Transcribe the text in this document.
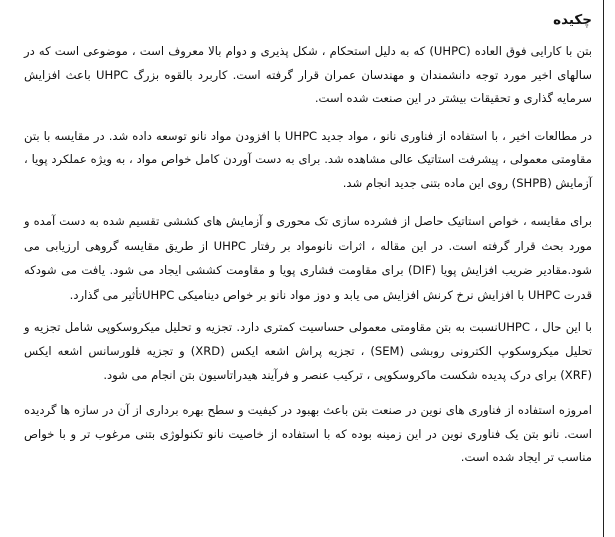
چکیده

بتن با کارایی فوق العاده (UHPC) که به دلیل استحکام ، شکل پذیری و دوام بالا معروف است ، موضوعی است که در سالهای اخیر مورد توجه دانشمندان و مهندسان عمران قرار گرفته است. کاربرد بالقوه بزرگ UHPC باعث افزایش سرمایه گذاری و تحقیقات بیشتر در این صنعت شده است.

در مطالعات اخیر ، با استفاده از فناوری نانو ، مواد جدید UHPC با افزودن مواد نانو توسعه داده شد. در مقایسه با بتن مقاومتی معمولی ، پیشرفت استاتیک عالی مشاهده شد. برای به دست آوردن کامل خواص مواد ، به ویژه عملکرد پویا ، آزمایش (SHPB) روی این ماده بتنی جدید انجام شد.

برای مقایسه ، خواص استاتیک حاصل از فشرده سازی تک محوری و آزمایش های کششی تقسیم شده به دست آمده و مورد بحث قرار گرفته است. در این مقاله ، اثرات نانومواد بر رفتار UHPC از طریق مقایسه گروهی ارزیابی می شود.مقادیر ضریب افزایش پویا (DIF) برای مقاومت فشاری پویا و مقاومت کششی ایجاد می شود. یافت می شودکه قدرت UHPC با افزایش نرخ کرنش افزایش می یابد و دوز مواد نانو بر خواص دینامیکی UHPCتأثیر می گذارد.

با این حال ، UHPCنسبت به بتن مقاومتی معمولی حساسیت کمتری دارد. تجزیه و تحلیل میکروسکوپی شامل تجزیه و تحلیل میکروسکوپ الکترونی روبشی (SEM) ، تجزیه پراش اشعه ایکس (XRD) و تجزیه فلورسانس اشعه ایکس (XRF) برای درک پدیده شکست ماکروسکوپی ، ترکیب عنصر و فرآیند هیدراتاسیون بتن انجام می شود.

امروزه استفاده از فناوری های نوین در صنعت بتن باعث بهبود در کیفیت و سطح بهره برداری از آن در سازه ها گردیده است. نانو بتن یک فناوری نوین در این زمینه بوده که با استفاده از خاصیت نانو تکنولوژی بتنی مرغوب تر و با خواص مناسب تر ایجاد شده است.
